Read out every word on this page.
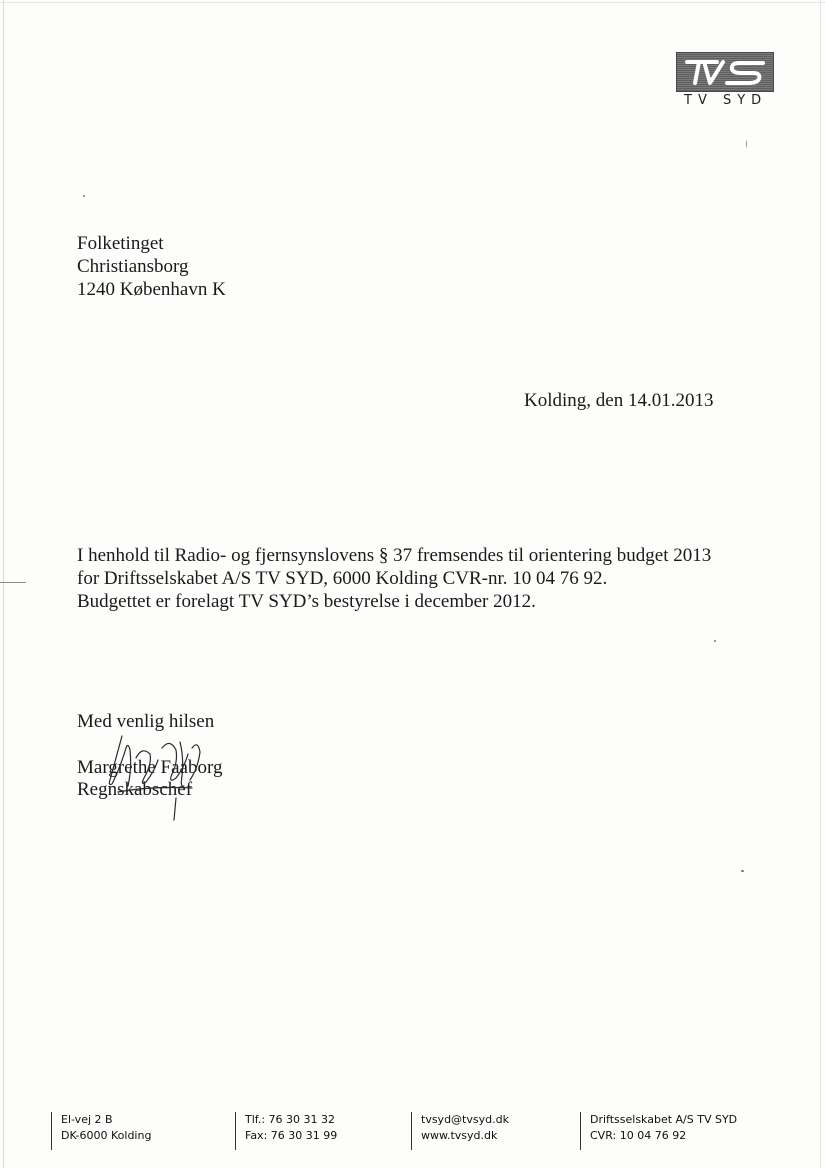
TV SYD
Folketinget
Christiansborg
1240 København K
Kolding, den 14.01.2013
I henhold til Radio- og fjernsynslovens § 37 fremsendes til orientering budget 2013
for Driftsselskabet A/S TV SYD, 6000 Kolding CVR-nr. 10 04 76 92.
Budgettet er forelagt TV SYD’s bestyrelse i december 2012.
Med venlig hilsen
Margrethe Faaborg
Regnskabschef
El-vej 2 B
DK-6000 Kolding
Tlf.: 76 30 31 32
Fax: 76 30 31 99
tvsyd@tvsyd.dk
www.tvsyd.dk
Driftsselskabet A/S TV SYD
CVR: 10 04 76 92
